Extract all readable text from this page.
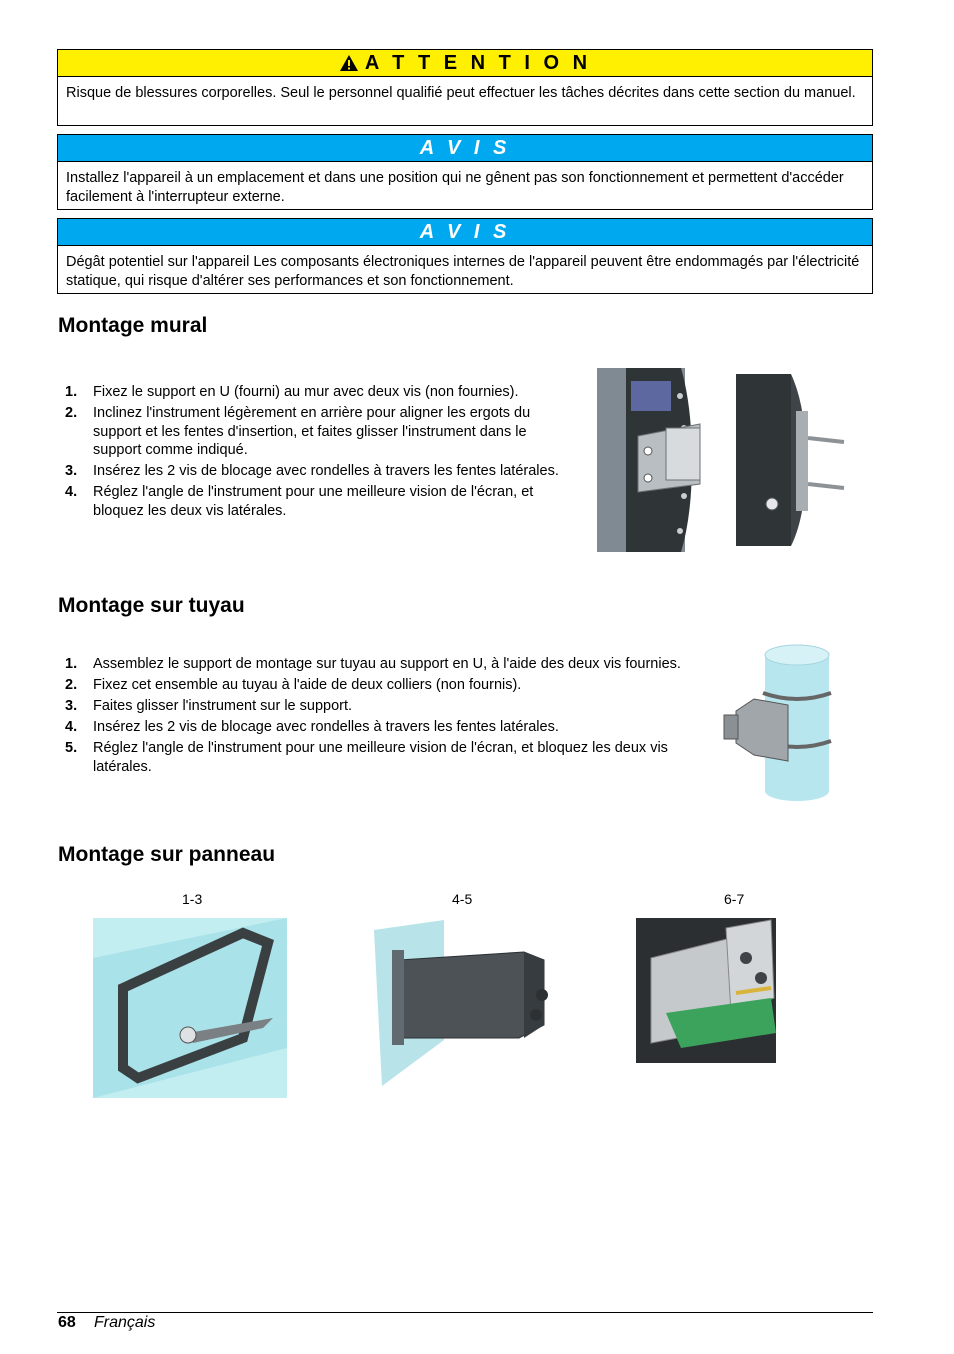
A T T E N T I O N
Risque de blessures corporelles. Seul le personnel qualifié peut effectuer les tâches décrites dans cette section du manuel.
A V I S
Installez l'appareil à un emplacement et dans une position qui ne gênent pas son fonctionnement et permettent d'accéder facilement à l'interrupteur externe.
A V I S
Dégât potentiel sur l'appareil Les composants électroniques internes de l'appareil peuvent être endommagés par l'électricité statique, qui risque d'altérer ses performances et son fonctionnement.
Montage mural
1. Fixez le support en U (fourni) au mur avec deux vis (non fournies).
2. Inclinez l'instrument légèrement en arrière pour aligner les ergots du support et les fentes d'insertion, et faites glisser l'instrument dans le support comme indiqué.
3. Insérez les 2 vis de blocage avec rondelles à travers les fentes latérales.
4. Réglez l'angle de l'instrument pour une meilleure vision de l'écran, et bloquez les deux vis latérales.
Montage sur tuyau
1. Assemblez le support de montage sur tuyau au support en U, à l'aide des deux vis fournies.
2. Fixez cet ensemble au tuyau à l'aide de deux colliers (non fournis).
3. Faites glisser l'instrument sur le support.
4. Insérez les 2 vis de blocage avec rondelles à travers les fentes latérales.
5. Réglez l'angle de l'instrument pour une meilleure vision de l'écran, et bloquez les deux vis latérales.
Montage sur panneau
1-3	4-5	6-7
68 Français
